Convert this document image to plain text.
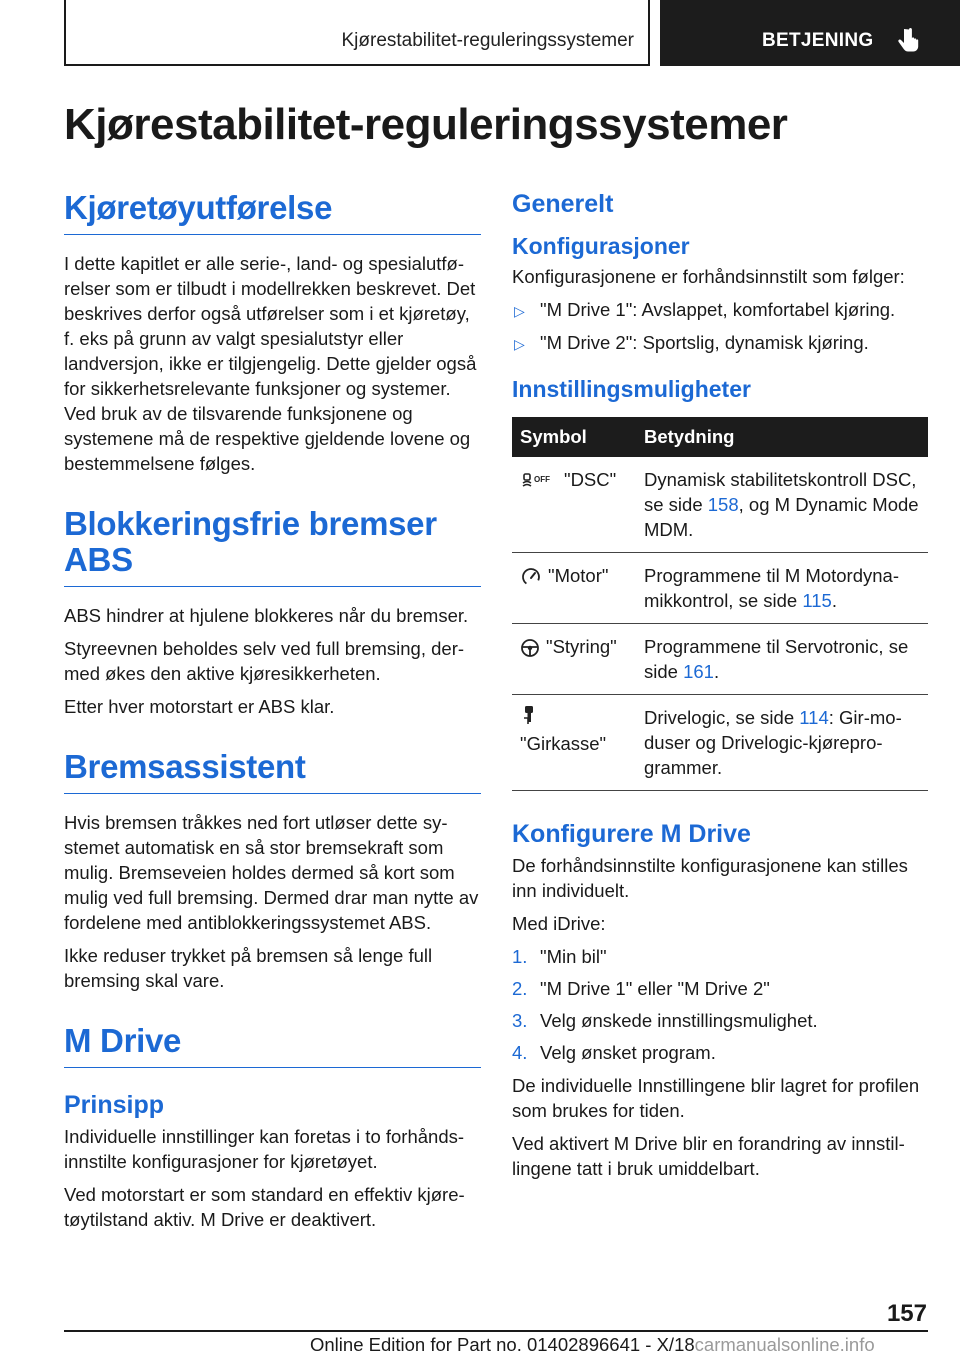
Kjørestabilitet-reguleringssystemer	BETJENING
Kjørestabilitet-reguleringssystemer
Kjøretøyutførelse

I dette kapitlet er alle serie-, land- og spesialutførelser som er tilbudt i modellrekken beskrevet. Det beskrives derfor også utførelser som i et kjøretøy, f. eks på grunn av valgt spesialutstyr eller landversjon, ikke er tilgjengelig. Dette gjelder også for sikkerhetsrelevante funksjoner og systemer. Ved bruk av de tilsvarende funksjonene og systemene må de respektive gjeldende lovene og bestemmelsene følges.

Blokkeringsfrie bremser ABS

ABS hindrer at hjulene blokkeres når du bremser.

Styreevnen beholdes selv ved full bremsing, dermed økes den aktive kjøresikkerheten.

Etter hver motorstart er ABS klar.

Bremsassistent

Hvis bremsen tråkkes ned fort utløser dette systemet automatisk en så stor bremsekraft som mulig. Bremseveien holdes dermed så kort som mulig ved full bremsing. Dermed drar man nytte av fordelene med antiblokkeringssystemet ABS.

Ikke reduser trykket på bremsen så lenge full bremsing skal vare.

M Drive
Prinsipp

Individuelle innstillinger kan foretas i to forhåndsinnstilte konfigurasjoner for kjøretøyet.

Ved motorstart er som standard en effektiv kjøretøytilstand aktiv. M Drive er deaktivert.

Generelt
Konfigurasjoner

Konfigurasjonene er forhåndsinnstilt som følger:

▷ "M Drive 1": Avslappet, komfortabel kjøring.
▷ "M Drive 2": Sportslig, dynamisk kjøring.
Innstillingsmuligheter
Symbol	Betydning

OFF "DSC"	Dynamisk stabilitetskontroll DSC, se side 158, og M Dynamic Mode MDM.
"Motor"	Programmene til M Motordynamikkontrol, se side 115.
"Styring"	Programmene til Servotronic, se side 161.

"Girkasse"	Drivelogic, se side 114: Gir-moduser og Drivelogic-kjøreprogrammer.
Konfigurere M Drive

De forhåndsinnstilte konfigurasjonene kan stilles inn individuelt.

Med iDrive:

1. "Min bil"
2. "M Drive 1" eller "M Drive 2"
3. Velg ønskede innstillingsmulighet.
4. Velg ønsket program.

De individuelle Innstillingene blir lagret for profilen som brukes for tiden.

Ved aktivert M Drive blir en forandring av innstillingene tatt i bruk umiddelbart.

157
Online Edition for Part no. 01402896641 - X/18carmanualsonline.info
